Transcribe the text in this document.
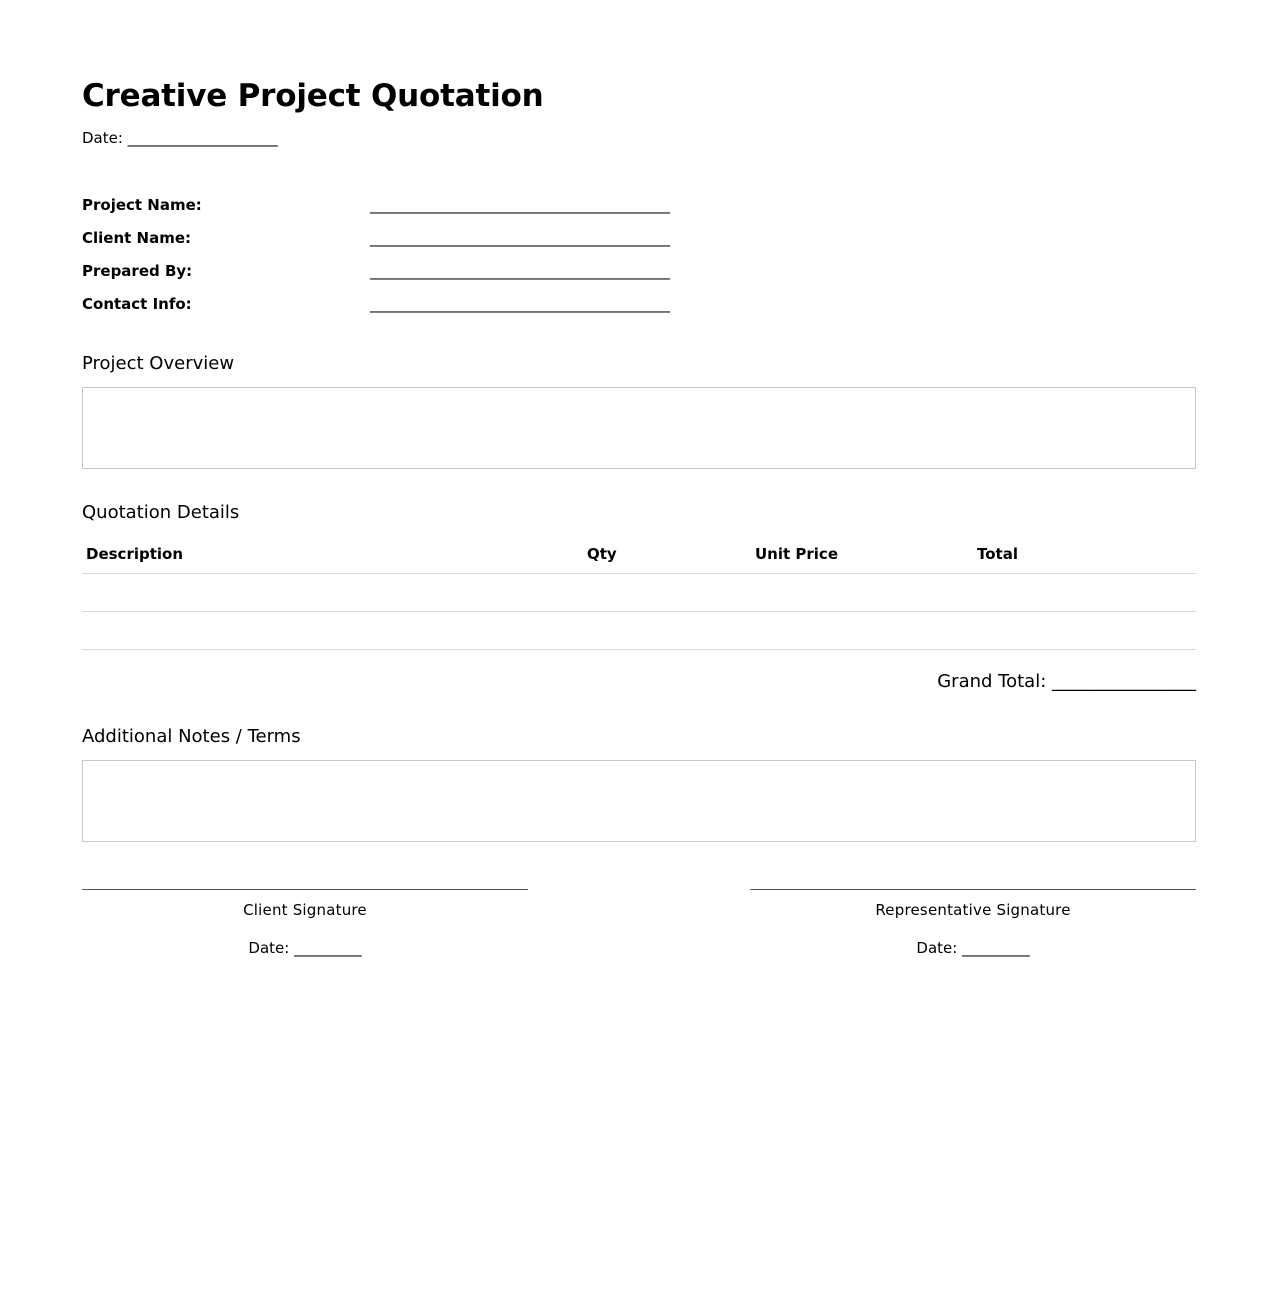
Creative Project Quotation
Date: ____________________
Project Name:	________________________________________
Client Name:	________________________________________
Prepared By:	________________________________________
Contact Info:	________________________________________
Project Overview
Quotation Details
Description	Qty	Unit Price	Total
Grand Total: ________________
Additional Notes / Terms
Client Signature
Date: _________
Representative Signature
Date: _________
